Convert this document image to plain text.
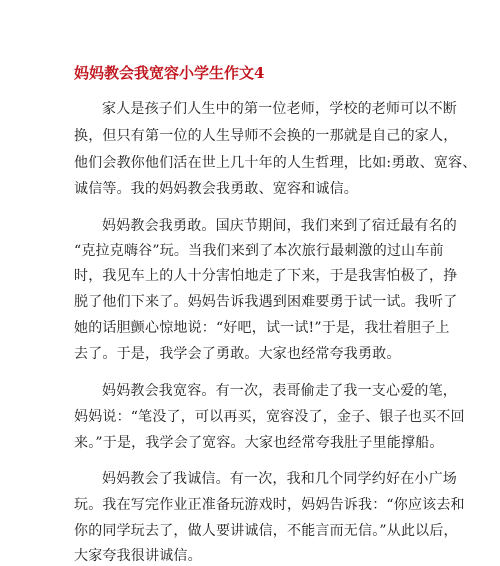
妈妈教会我宽容小学生作文4
家人是孩子们人生中的第一位老师，学校的老师可以不断
换，但只有第一位的人生导师不会换的一那就是自己的家人，
他们会教你他们活在世上几十年的人生哲理，比如:勇敢、宽容、
诚信等。我的妈妈教会我勇敢、宽容和诚信。
妈妈教会我勇敢。国庆节期间，我们来到了宿迁最有名的
“克拉克嗨谷”玩。当我们来到了本次旅行最刺激的过山车前
时，我见车上的人十分害怕地走了下来，于是我害怕极了，挣
脱了他们下来了。妈妈告诉我遇到困难要勇于试一试。我听了
她的话胆颤心惊地说：“好吧，试一试!”于是，我壮着胆子上
去了。于是，我学会了勇敢。大家也经常夸我勇敢。
妈妈教会我宽容。有一次，表哥偷走了我一支心爱的笔，
妈妈说：“笔没了，可以再买，宽容没了，金子、银子也买不回
来。”于是，我学会了宽容。大家也经常夸我肚子里能撑船。
妈妈教会了我诚信。有一次，我和几个同学约好在小广场
玩。我在写完作业正准备玩游戏时，妈妈告诉我：“你应该去和
你的同学玩去了，做人要讲诚信，不能言而无信。”从此以后，
大家夸我很讲诚信。
